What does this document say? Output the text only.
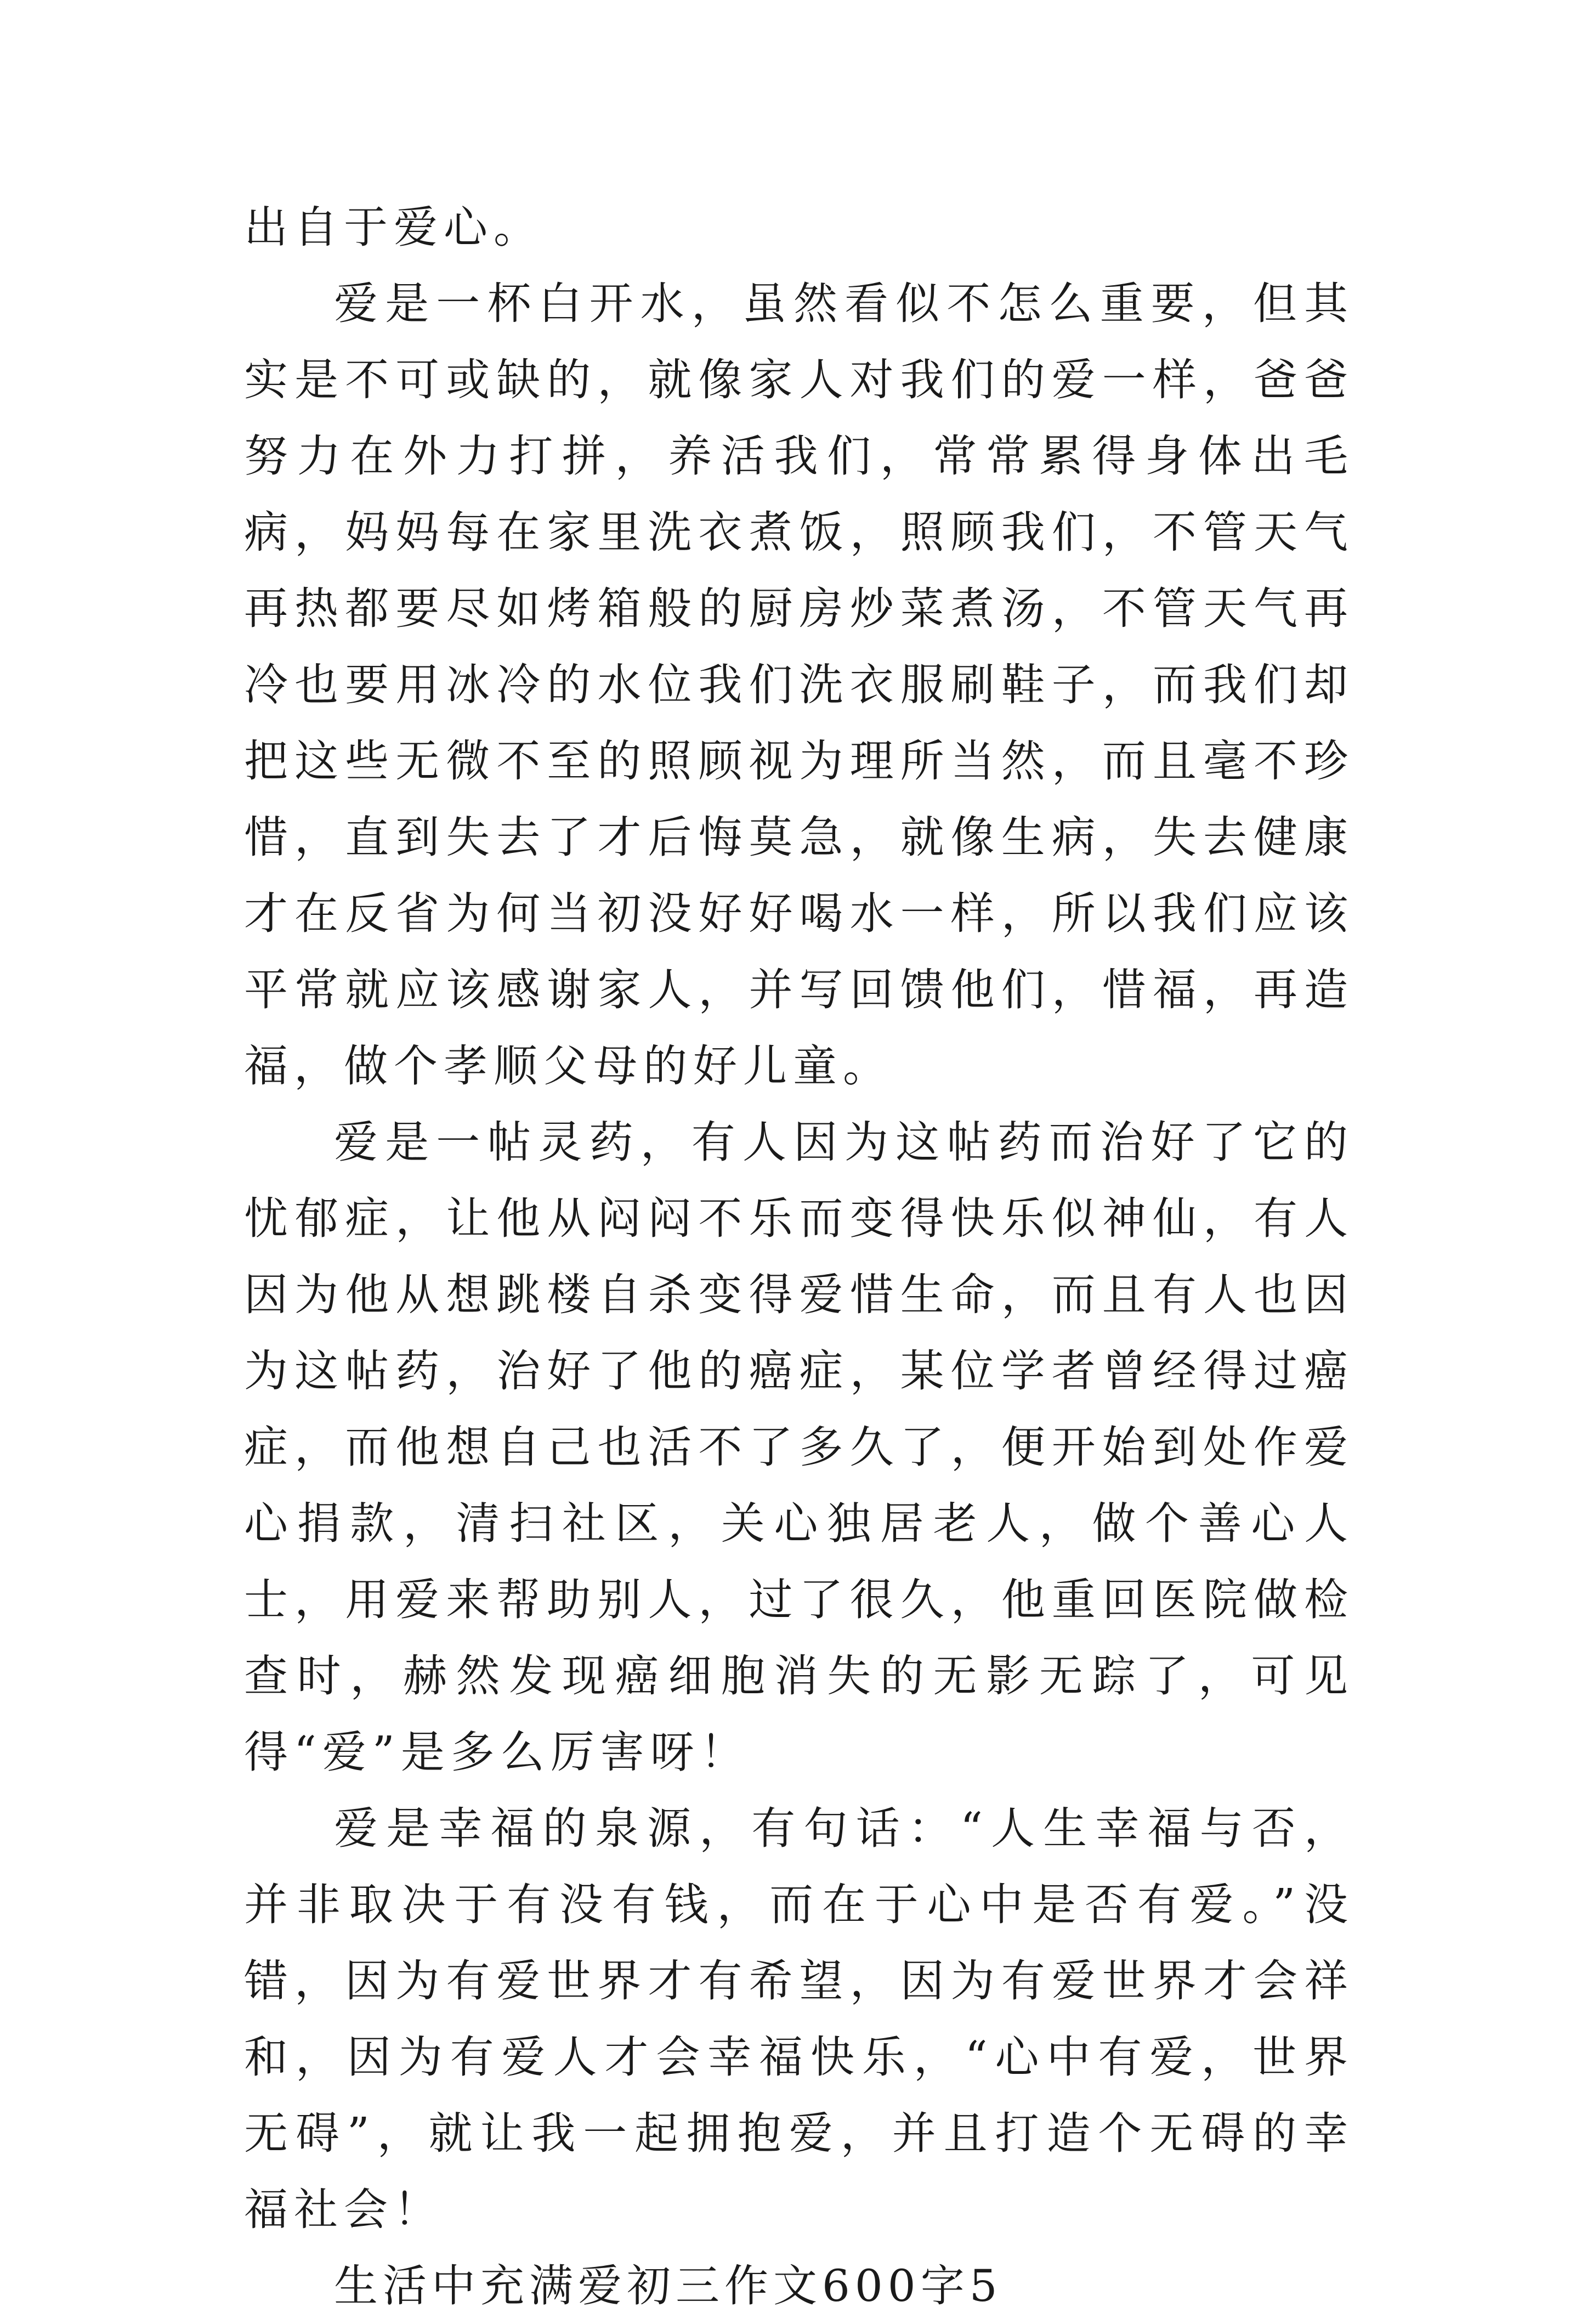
出自于爱心。

爱是一杯白开水，虽然看似不怎么重要，但其实是不可或缺的，就像家人对我们的爱一样，爸爸努力在外力打拼，养活我们，常常累得身体出毛病，妈妈每在家里洗衣煮饭，照顾我们，不管天气再热都要尽如烤箱般的厨房炒菜煮汤，不管天气再冷也要用冰冷的水位我们洗衣服刷鞋子，而我们却把这些无微不至的照顾视为理所当然，而且毫不珍惜，直到失去了才后悔莫急，就像生病，失去健康才在反省为何当初没好好喝水一样，所以我们应该平常就应该感谢家人，并写回馈他们，惜福，再造福，做个孝顺父母的好儿童。

爱是一帖灵药，有人因为这帖药而治好了它的忧郁症，让他从闷闷不乐而变得快乐似神仙，有人因为他从想跳楼自杀变得爱惜生命，而且有人也因为这帖药，治好了他的癌症，某位学者曾经得过癌症，而他想自己也活不了多久了，便开始到处作爱心捐款，清扫社区，关心独居老人，做个善心人士，用爱来帮助别人，过了很久，他重回医院做检查时，赫然发现癌细胞消失的无影无踪了，可见得“爱”是多么厉害呀！

爱是幸福的泉源，有句话：“人生幸福与否，并非取决于有没有钱，而在于心中是否有爱。”没错，因为有爱世界才有希望，因为有爱世界才会祥和，因为有爱人才会幸福快乐，“心中有爱，世界无碍”，就让我一起拥抱爱，并且打造个无碍的幸福社会！

生活中充满爱初三作文600字5
